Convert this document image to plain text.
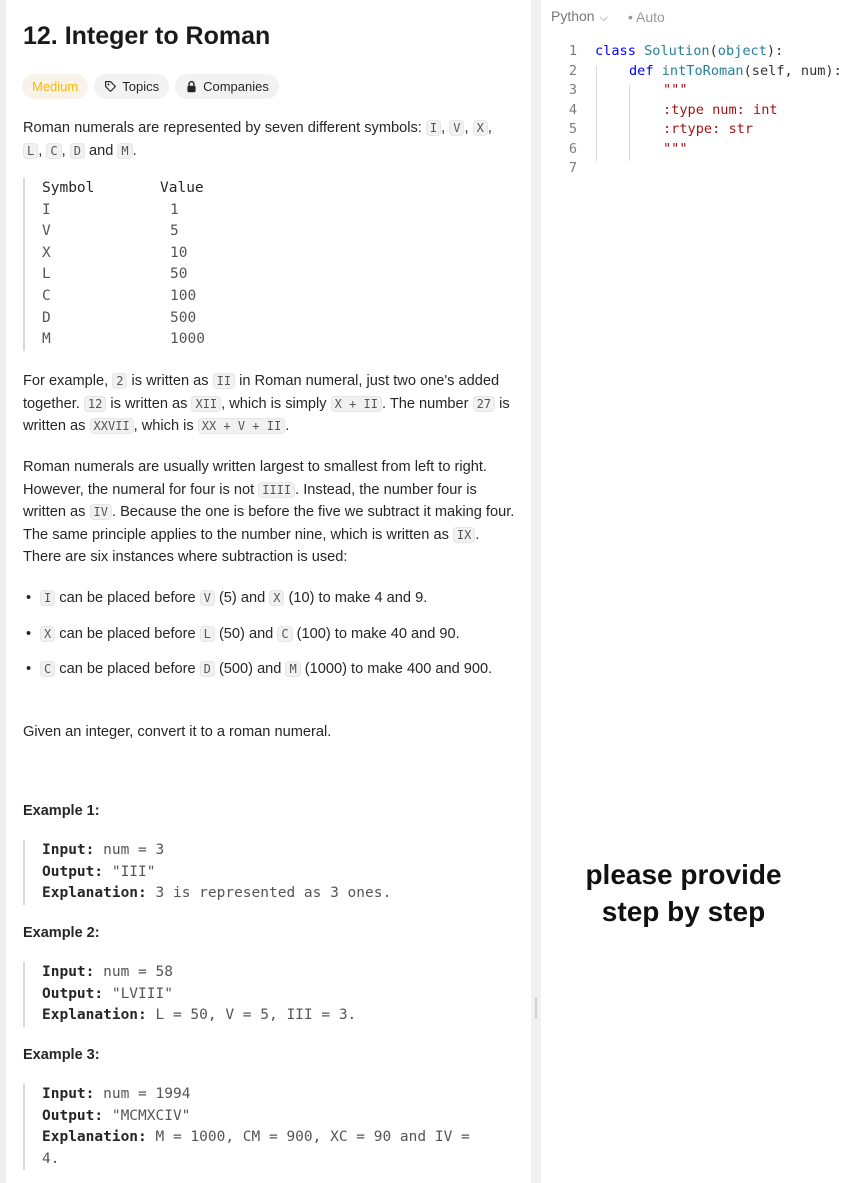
12. Integer to Roman
Medium	Topics	Companies
Roman numerals are represented by seven different symbols: I , V , X ,
L , C , D and M .
Symbol	Value
I	1
V	5
X	10
L	50
C	100
D	500
M	1000
For example, 2 is written as II in Roman numeral, just two one's added together. 12 is written as XII , which is simply X + II . The number 27 is written as XXVII , which is XX + V + II .
Roman numerals are usually written largest to smallest from left to right. However, the numeral for four is not IIII . Instead, the number four is written as IV . Because the one is before the five we subtract it making four. The same principle applies to the number nine, which is written as IX . There are six instances where subtraction is used:
• I can be placed before V (5) and X (10) to make 4 and 9.
• X can be placed before L (50) and C (100) to make 40 and 90.
• C can be placed before D (500) and M (1000) to make 400 and 900.
Given an integer, convert it to a roman numeral.
Example 1:
Input: num = 3
Output: "III"
Explanation: 3 is represented as 3 ones.
Example 2:
Input: num = 58
Output: "LVIII"
Explanation: L = 50, V = 5, III = 3.
Example 3:
Input: num = 1994
Output: "MCMXCIV"
Explanation: M = 1000, CM = 900, XC = 90 and IV = 4.
Python ⌵ • Auto

1

2

3

4

5

6

7

class Solution(object):

def intToRoman(self, num):

"""

:type num: int

:rtype: str

"""

please provide
step by step
